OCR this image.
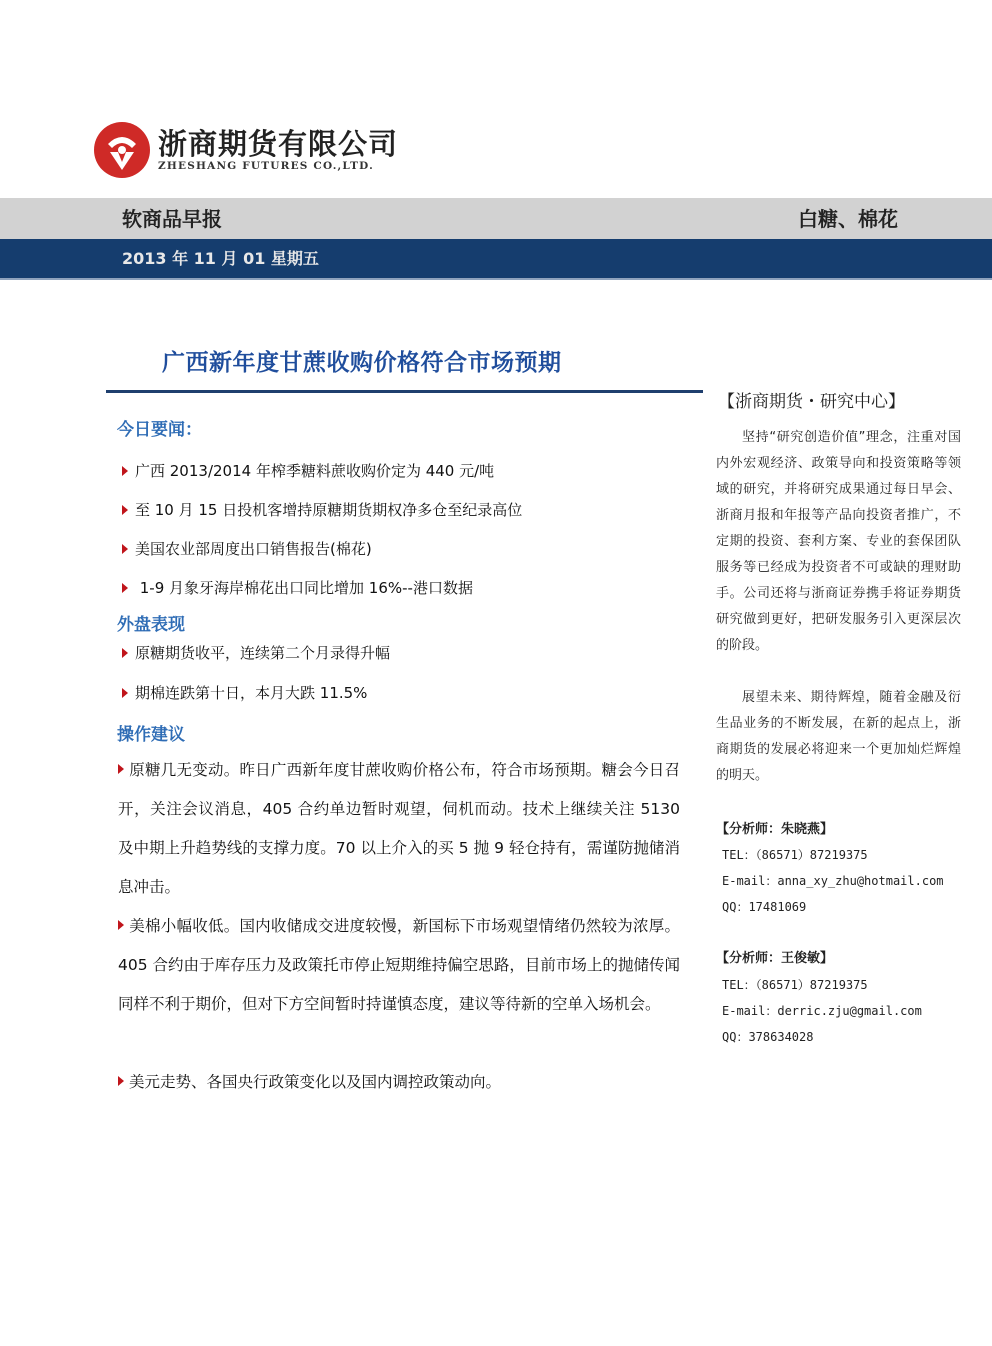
浙商期货有限公司
ZHESHANG FUTURES CO.,LTD.
软商品早报	白糖、棉花
2013 年 11 月 01 星期五
广西新年度甘蔗收购价格符合市场预期
今日要闻：
广西 2013/2014 年榨季糖料蔗收购价定为 440 元/吨
至 10 月 15 日投机客增持原糖期货期权净多仓至纪录高位
美国农业部周度出口销售报告(棉花)
1-9 月象牙海岸棉花出口同比增加 16%--港口数据
外盘表现
原糖期货收平，连续第二个月录得升幅
期棉连跌第十日，本月大跌 11.5%
操作建议
原糖几无变动。昨日广西新年度甘蔗收购价格公布，符合市场预期。糖会今日召开，关注会议消息，405 合约单边暂时观望，伺机而动。技术上继续关注 5130 及中期上升趋势线的支撑力度。70 以上介入的买 5 抛 9 轻仓持有，需谨防抛储消息冲击。
美棉小幅收低。国内收储成交进度较慢，新国标下市场观望情绪仍然较为浓厚。405 合约由于库存压力及政策托市停止短期维持偏空思路，目前市场上的抛储传闻同样不利于期价，但对下方空间暂时持谨慎态度，建议等待新的空单入场机会。
美元走势、各国央行政策变化以及国内调控政策动向。
【浙商期货・研究中心】
坚持“研究创造价值”理念，注重对国内外宏观经济、政策导向和投资策略等领域的研究，并将研究成果通过每日早会、浙商月报和年报等产品向投资者推广，不定期的投资、套利方案、专业的套保团队服务等已经成为投资者不可或缺的理财助手。公司还将与浙商证券携手将证券期货研究做到更好，把研发服务引入更深层次的阶段。
展望未来、期待辉煌，随着金融及衍生品业务的不断发展，在新的起点上，浙商期货的发展必将迎来一个更加灿烂辉煌的明天。
【分析师：朱晓燕】
TEL：（86571）87219375
E-mail：anna_xy_zhu@hotmail.com
QQ：17481069
【分析师：王俊敏】
TEL：（86571）87219375
E-mail：derric.zju@gmail.com
QQ：378634028
